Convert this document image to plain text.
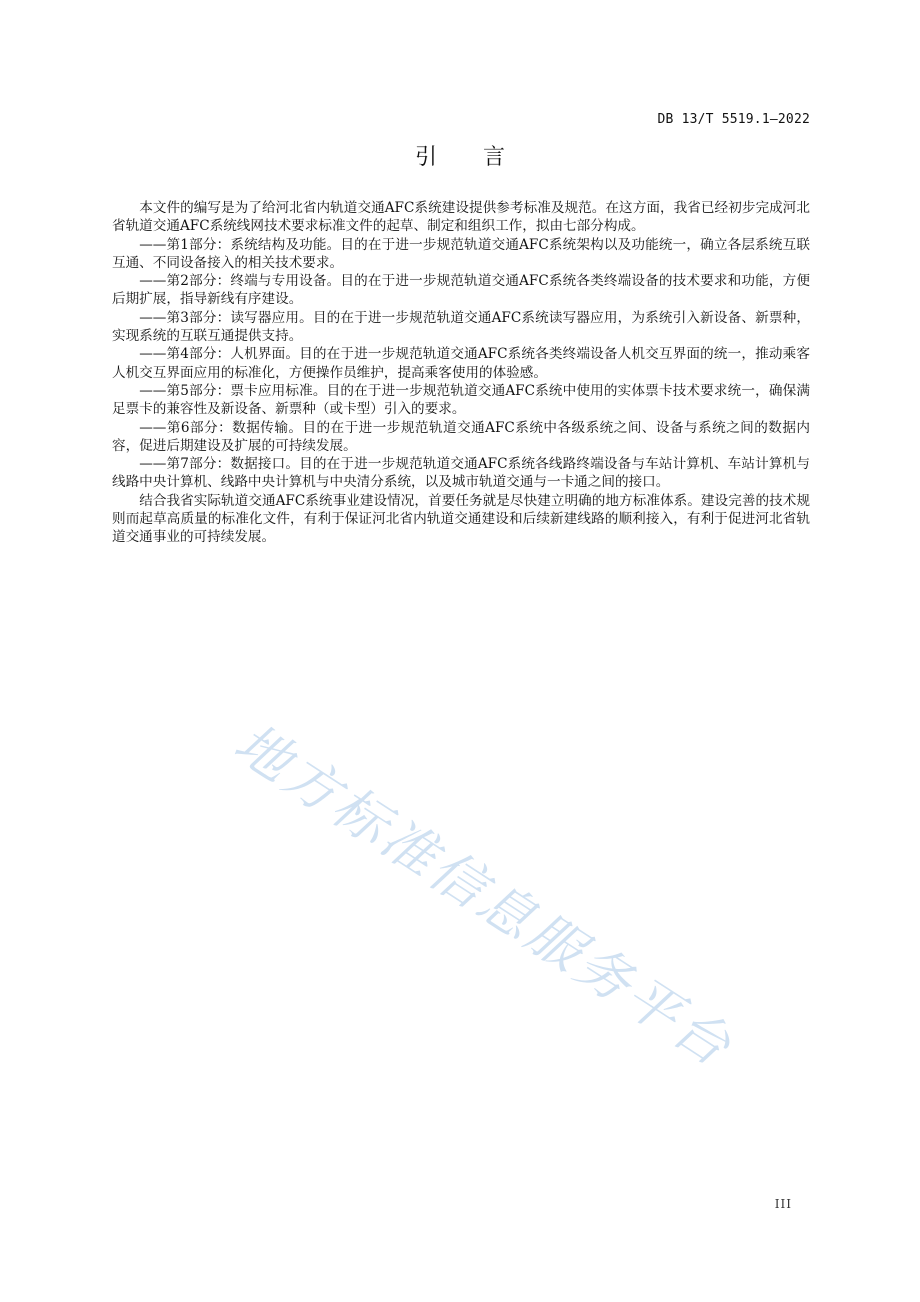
DB 13/T 5519.1—2022
引言

本文件的编写是为了给河北省内轨道交通AFC系统建设提供参考标准及规范。在这方面，我省已经初步完成河北省轨道交通AFC系统线网技术要求标准文件的起草、制定和组织工作，拟由七部分构成。

——第1部分：系统结构及功能。目的在于进一步规范轨道交通AFC系统架构以及功能统一，确立各层系统互联互通、不同设备接入的相关技术要求。

——第2部分：终端与专用设备。目的在于进一步规范轨道交通AFC系统各类终端设备的技术要求和功能，方便后期扩展，指导新线有序建设。

——第3部分：读写器应用。目的在于进一步规范轨道交通AFC系统读写器应用，为系统引入新设备、新票种，实现系统的互联互通提供支持。

——第4部分：人机界面。目的在于进一步规范轨道交通AFC系统各类终端设备人机交互界面的统一，推动乘客人机交互界面应用的标准化，方便操作员维护，提高乘客使用的体验感。

——第5部分：票卡应用标准。目的在于进一步规范轨道交通AFC系统中使用的实体票卡技术要求统一，确保满足票卡的兼容性及新设备、新票种（或卡型）引入的要求。

——第6部分：数据传输。目的在于进一步规范轨道交通AFC系统中各级系统之间、设备与系统之间的数据内容，促进后期建设及扩展的可持续发展。

——第7部分：数据接口。目的在于进一步规范轨道交通AFC系统各线路终端设备与车站计算机、车站计算机与线路中央计算机、线路中央计算机与中央清分系统，以及城市轨道交通与一卡通之间的接口。

结合我省实际轨道交通AFC系统事业建设情况，首要任务就是尽快建立明确的地方标准体系。建设完善的技术规则而起草高质量的标准化文件，有利于保证河北省内轨道交通建设和后续新建线路的顺利接入，有利于促进河北省轨道交通事业的可持续发展。

地方标准信息服务平台
III
